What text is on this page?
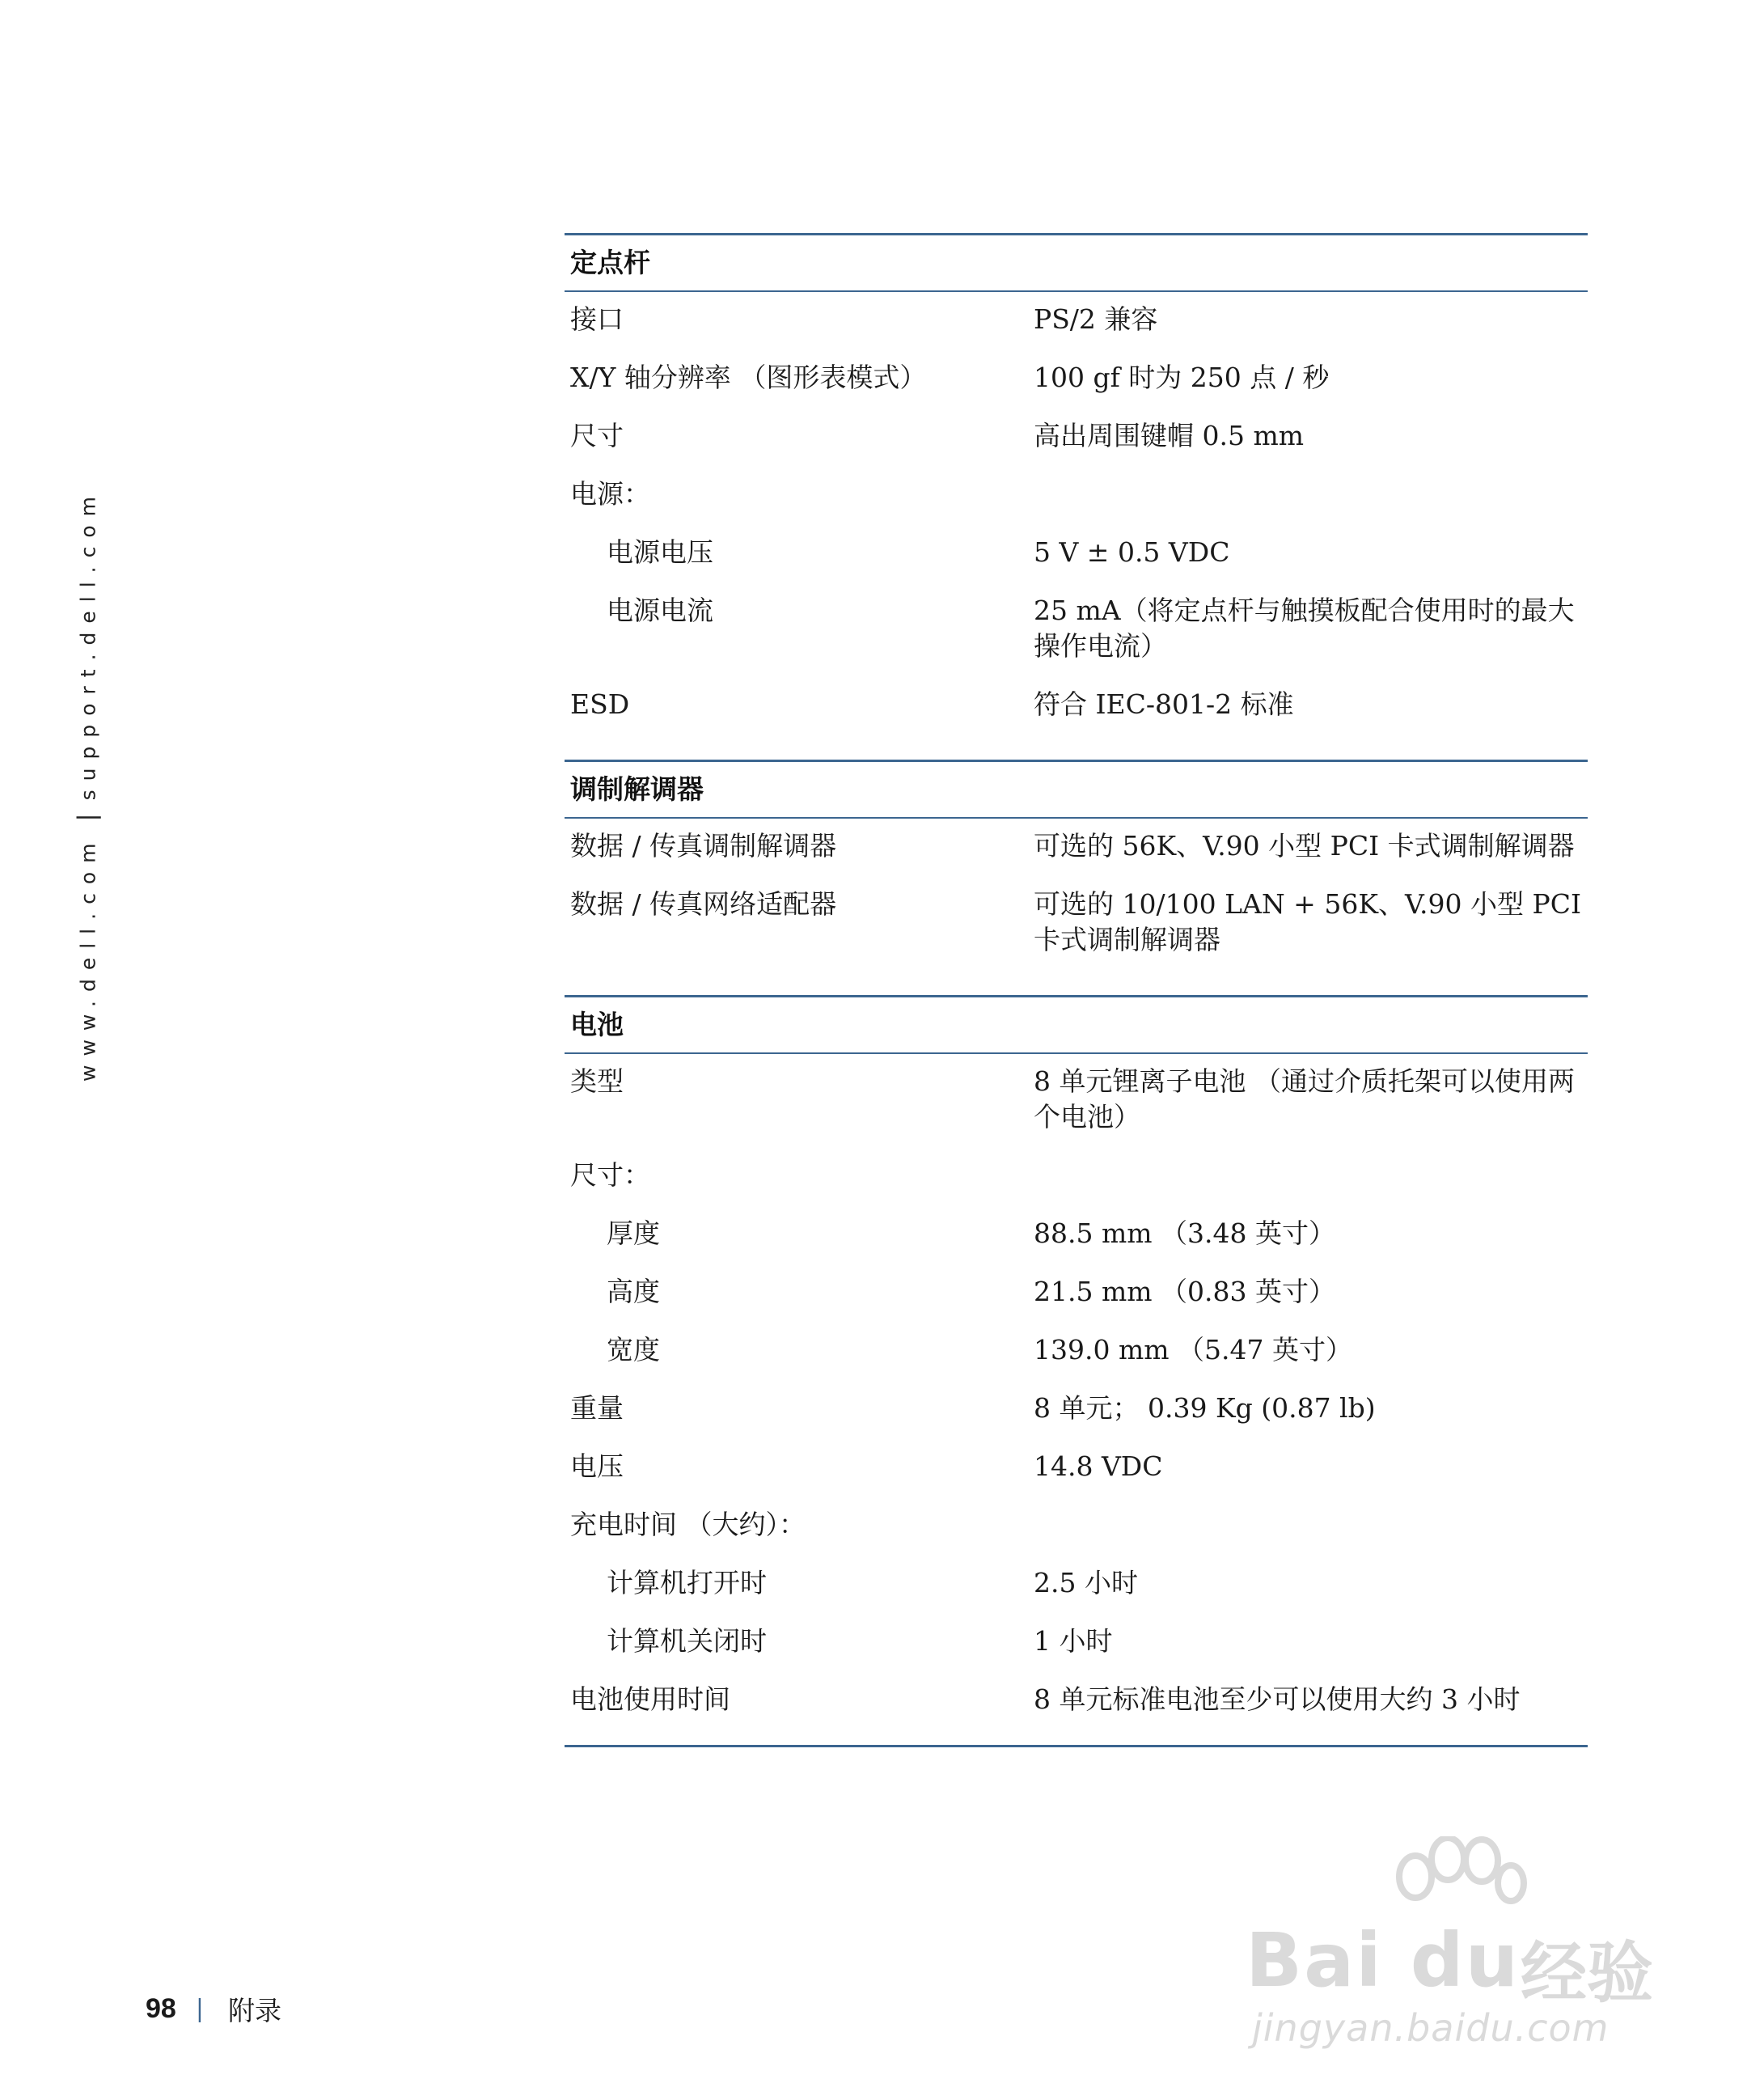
www.dell.com|support.dell.com
定点杆
接口	PS/2 兼容
X/Y 轴分辨率 （图形表模式）	100 gf 时为 250 点 / 秒
尺寸	高出周围键帽 0.5 mm
电源：
电源电压	5 V ± 0.5 VDC
电源电流	25 mA（将定点杆与触摸板配合使用时的最大操作电流）
ESD	符合 IEC-801-2 标准
调制解调器
数据 / 传真调制解调器	可选的 56K、V.90 小型 PCI 卡式调制解调器
数据 / 传真网络适配器	可选的 10/100 LAN + 56K、V.90 小型 PCI 卡式调制解调器
电池
类型	8 单元锂离子电池 （通过介质托架可以使用两个电池）
尺寸：
厚度	88.5 mm （3.48 英寸）
高度	21.5 mm （0.83 英寸）
宽度	139.0 mm （5.47 英寸）
重量	8 单元； 0.39 Kg (0.87 lb)
电压	14.8 VDC
充电时间 （大约）：
计算机打开时	2.5 小时
计算机关闭时	1 小时
电池使用时间	8 单元标准电池至少可以使用大约 3 小时
98 | 附录
Bai du 经验
jingyan.baidu.com
